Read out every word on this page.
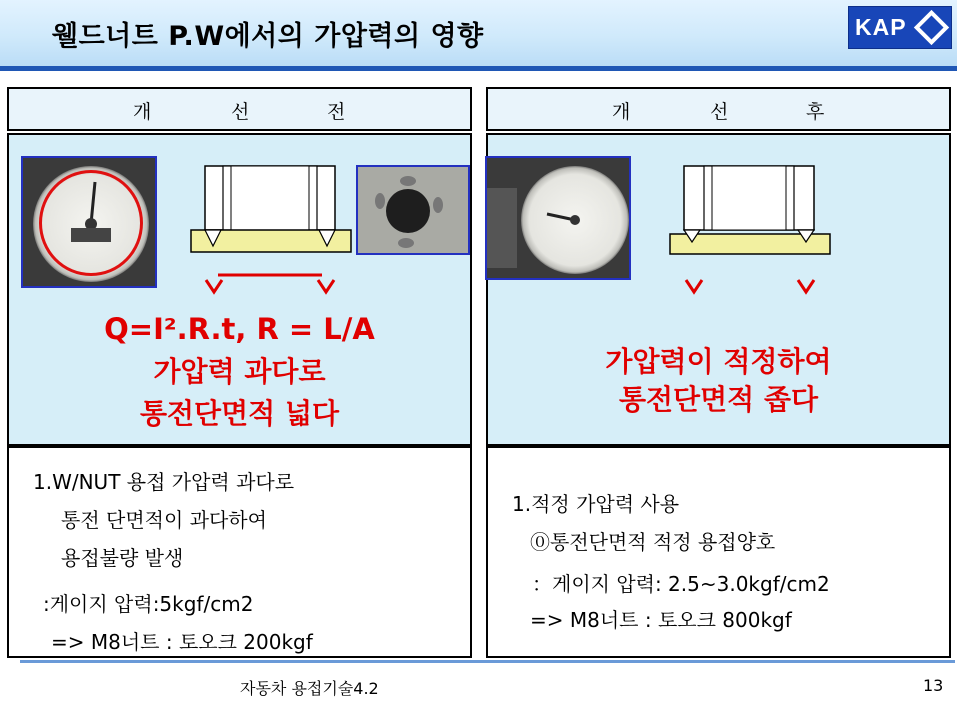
웰드너트 P.W에서의 가압력의 영향	KAP
개	선	전
Q=I².R.t, R = L/A
가압력 과다로
통전단면적 넓다
1.W/NUT 용접 가압력 과다로
통전 단면적이 과다하여
용접불량 발생
:게이지 압력:5kgf/cm2
=> M8너트 : 토오크 200kgf
개	선	후
가압력이 적정하여
통전단면적 좁다
1.적정 가압력 사용
⓪통전단면적 적정 용접양호
：게이지 압력: 2.5~3.0kgf/cm2
=> M8너트 : 토오크 800kgf
자동차 용접기술4.2	13
